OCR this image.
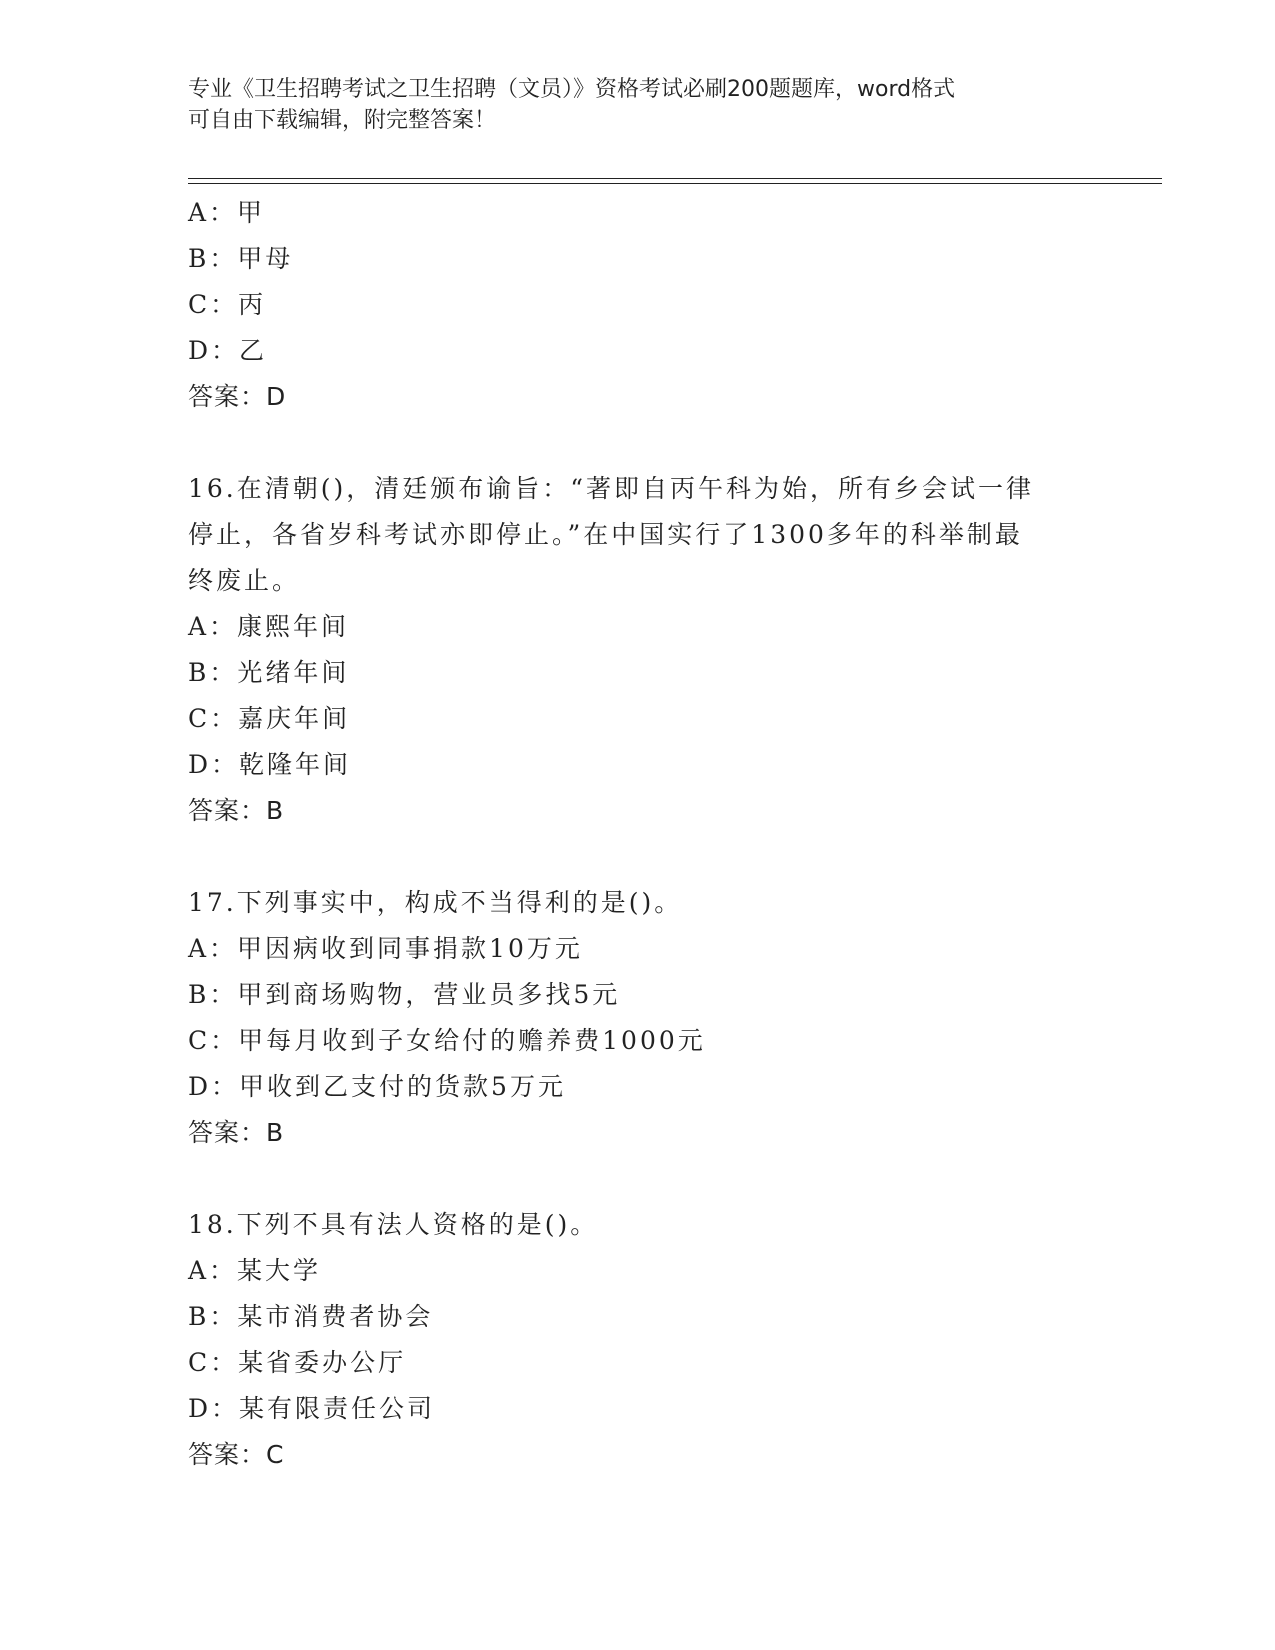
专业《卫生招聘考试之卫生招聘（文员）》资格考试必刷200题题库，word格式
可自由下载编辑，附完整答案！
A：甲
B：甲母
C：丙
D：乙
答案：D
16.在清朝()，清廷颁布谕旨：“著即自丙午科为始，所有乡会试一律
停止，各省岁科考试亦即停止。”在中国实行了1300多年的科举制最
终废止。
A：康熙年间
B：光绪年间
C：嘉庆年间
D：乾隆年间
答案：B
17.下列事实中，构成不当得利的是()。
A：甲因病收到同事捐款10万元
B：甲到商场购物，营业员多找5元
C：甲每月收到子女给付的赡养费1000元
D：甲收到乙支付的货款5万元
答案：B
18.下列不具有法人资格的是()。
A：某大学
B：某市消费者协会
C：某省委办公厅
D：某有限责任公司
答案：C
